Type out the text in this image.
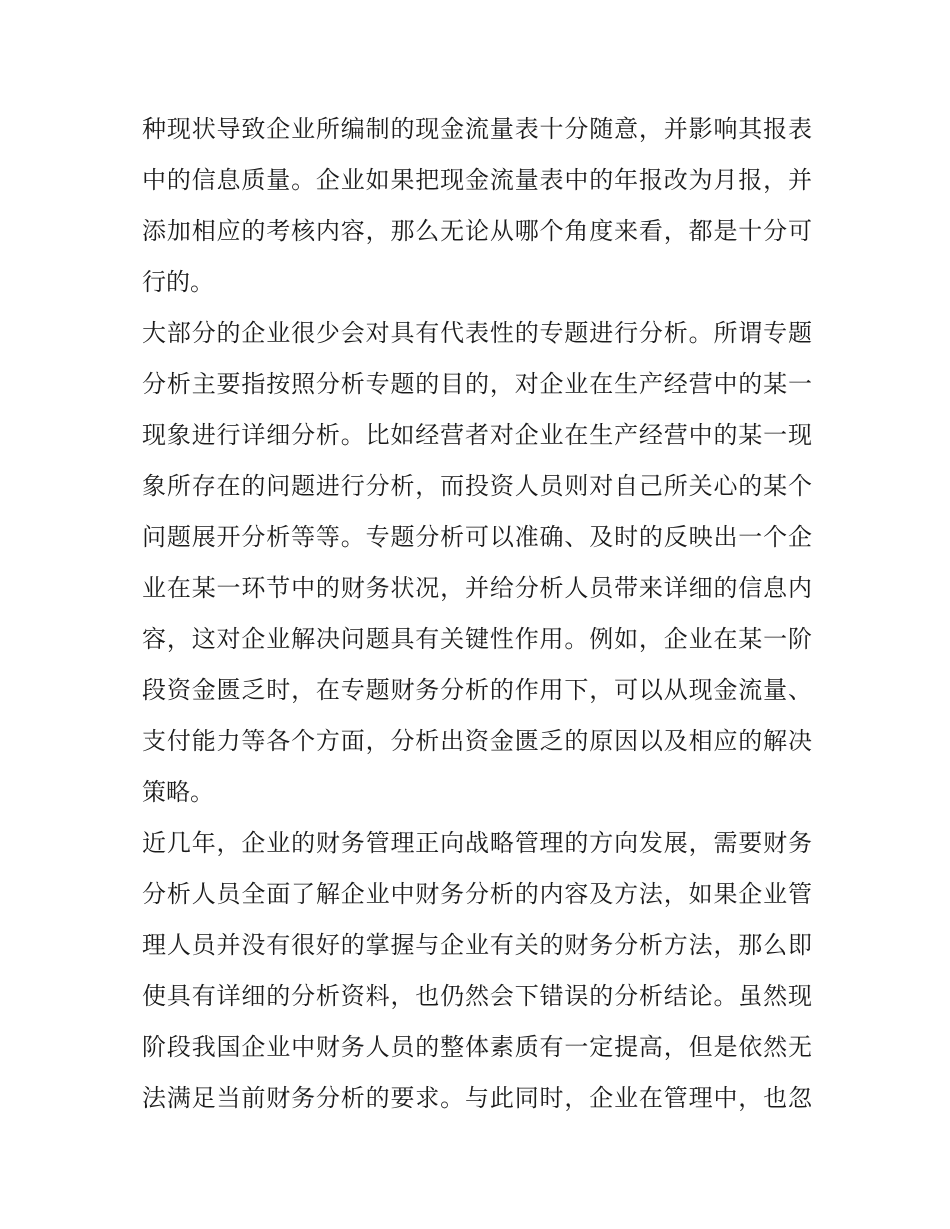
种现状导致企业所编制的现金流量表十分随意，并影响其报表
中的信息质量。企业如果把现金流量表中的年报改为月报，并
添加相应的考核内容，那么无论从哪个角度来看，都是十分可
行的。
大部分的企业很少会对具有代表性的专题进行分析。所谓专题
分析主要指按照分析专题的目的，对企业在生产经营中的某一
现象进行详细分析。比如经营者对企业在生产经营中的某一现
象所存在的问题进行分析，而投资人员则对自己所关心的某个
问题展开分析等等。专题分析可以准确、及时的反映出一个企
业在某一环节中的财务状况，并给分析人员带来详细的信息内
容，这对企业解决问题具有关键性作用。例如，企业在某一阶
段资金匮乏时，在专题财务分析的作用下，可以从现金流量、
支付能力等各个方面，分析出资金匮乏的原因以及相应的解决
策略。
近几年，企业的财务管理正向战略管理的方向发展，需要财务
分析人员全面了解企业中财务分析的内容及方法，如果企业管
理人员并没有很好的掌握与企业有关的财务分析方法，那么即
使具有详细的分析资料，也仍然会下错误的分析结论。虽然现
阶段我国企业中财务人员的整体素质有一定提高，但是依然无
法满足当前财务分析的要求。与此同时，企业在管理中，也忽
